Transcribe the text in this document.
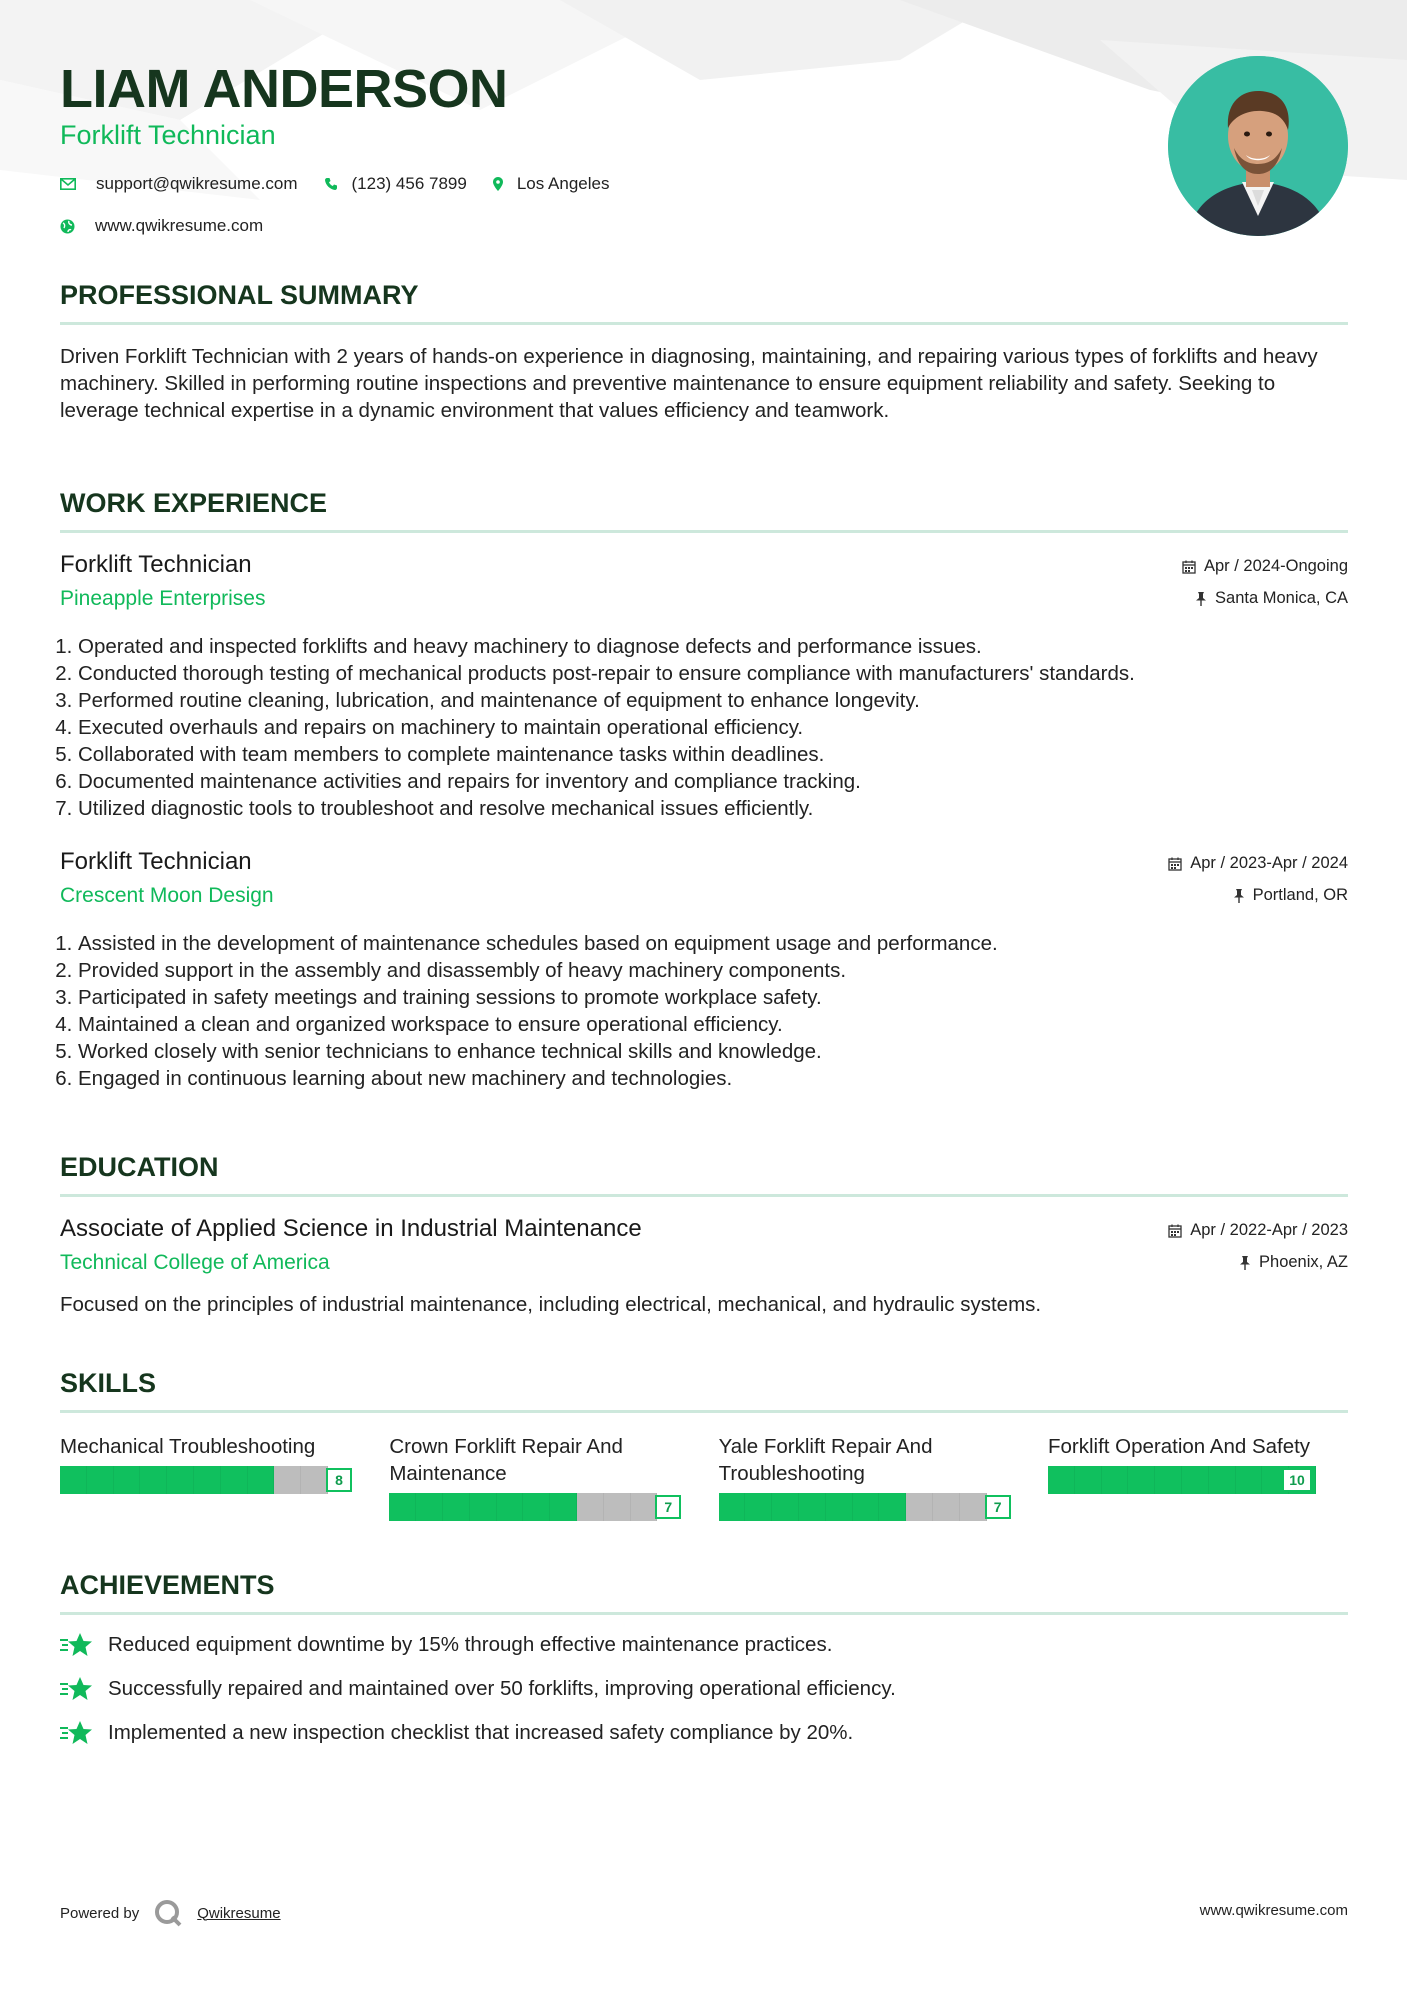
LIAM ANDERSON
Forklift Technician
support@qwikresume.com	(123) 456 7899	Los Angeles
www.qwikresume.com
PROFESSIONAL SUMMARY

Driven Forklift Technician with 2 years of hands-on experience in diagnosing, maintaining, and repairing various types of forklifts and heavy machinery. Skilled in performing routine inspections and preventive maintenance to ensure equipment reliability and safety. Seeking to leverage technical expertise in a dynamic environment that values efficiency and teamwork.

WORK EXPERIENCE
Forklift Technician
Pineapple Enterprises
Apr / 2024-Ongoing
Santa Monica, CA
1. Operated and inspected forklifts and heavy machinery to diagnose defects and performance issues.
2. Conducted thorough testing of mechanical products post-repair to ensure compliance with manufacturers' standards.
3. Performed routine cleaning, lubrication, and maintenance of equipment to enhance longevity.
4. Executed overhauls and repairs on machinery to maintain operational efficiency.
5. Collaborated with team members to complete maintenance tasks within deadlines.
6. Documented maintenance activities and repairs for inventory and compliance tracking.
7. Utilized diagnostic tools to troubleshoot and resolve mechanical issues efficiently.
Forklift Technician
Crescent Moon Design
Apr / 2023-Apr / 2024
Portland, OR
1. Assisted in the development of maintenance schedules based on equipment usage and performance.
2. Provided support in the assembly and disassembly of heavy machinery components.
3. Participated in safety meetings and training sessions to promote workplace safety.
4. Maintained a clean and organized workspace to ensure operational efficiency.
5. Worked closely with senior technicians to enhance technical skills and knowledge.
6. Engaged in continuous learning about new machinery and technologies.
EDUCATION
Associate of Applied Science in Industrial Maintenance
Technical College of America
Apr / 2022-Apr / 2023
Phoenix, AZ

Focused on the principles of industrial maintenance, including electrical, mechanical, and hydraulic systems.

SKILLS
Mechanical Troubleshooting
8
Crown Forklift Repair And Maintenance
7
Yale Forklift Repair And Troubleshooting
7
Forklift Operation And Safety
10
ACHIEVEMENTS
Reduced equipment downtime by 15% through effective maintenance practices.
Successfully repaired and maintained over 50 forklifts, improving operational efficiency.
Implemented a new inspection checklist that increased safety compliance by 20%.
Powered by	Qwikresume	www.qwikresume.com
